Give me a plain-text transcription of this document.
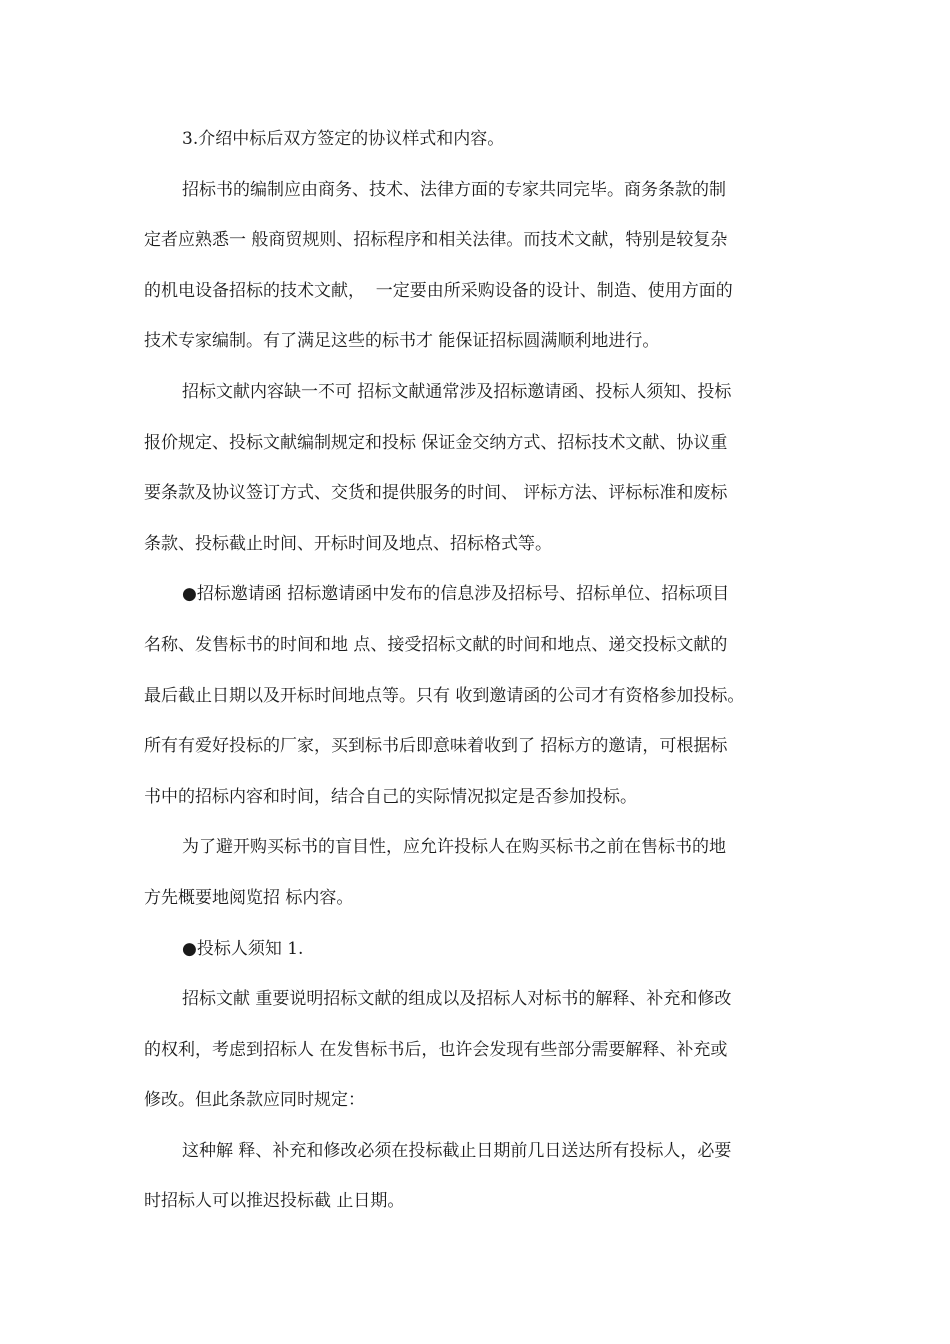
3.介绍中标后双方签定的协议样式和内容。
招标书的编制应由商务、技术、法律方面的专家共同完毕。商务条款的制
定者应熟悉一 般商贸规则、招标程序和相关法律。而技术文献，特别是较复杂
的机电设备招标的技术文献，  一定要由所采购设备的设计、制造、使用方面的
技术专家编制。有了满足这些的标书才 能保证招标圆满顺利地进行。
招标文献内容缺一不可 招标文献通常涉及招标邀请函、投标人须知、投标
报价规定、投标文献编制规定和投标 保证金交纳方式、招标技术文献、协议重
要条款及协议签订方式、交货和提供服务的时间、 评标方法、评标标准和废标
条款、投标截止时间、开标时间及地点、招标格式等。
●招标邀请函 招标邀请函中发布的信息涉及招标号、招标单位、招标项目
名称、发售标书的时间和地 点、接受招标文献的时间和地点、递交投标文献的
最后截止日期以及开标时间地点等。只有 收到邀请函的公司才有资格参加投标。
所有有爱好投标的厂家，买到标书后即意味着收到了 招标方的邀请，可根据标
书中的招标内容和时间，结合自己的实际情况拟定是否参加投标。
为了避开购买标书的盲目性，应允许投标人在购买标书之前在售标书的地
方先概要地阅览招 标内容。
●投标人须知 1.
招标文献 重要说明招标文献的组成以及招标人对标书的解释、补充和修改
的权利，考虑到招标人 在发售标书后，也许会发现有些部分需要解释、补充或
修改。但此条款应同时规定：
这种解 释、补充和修改必须在投标截止日期前几日送达所有投标人，必要
时招标人可以推迟投标截 止日期。
